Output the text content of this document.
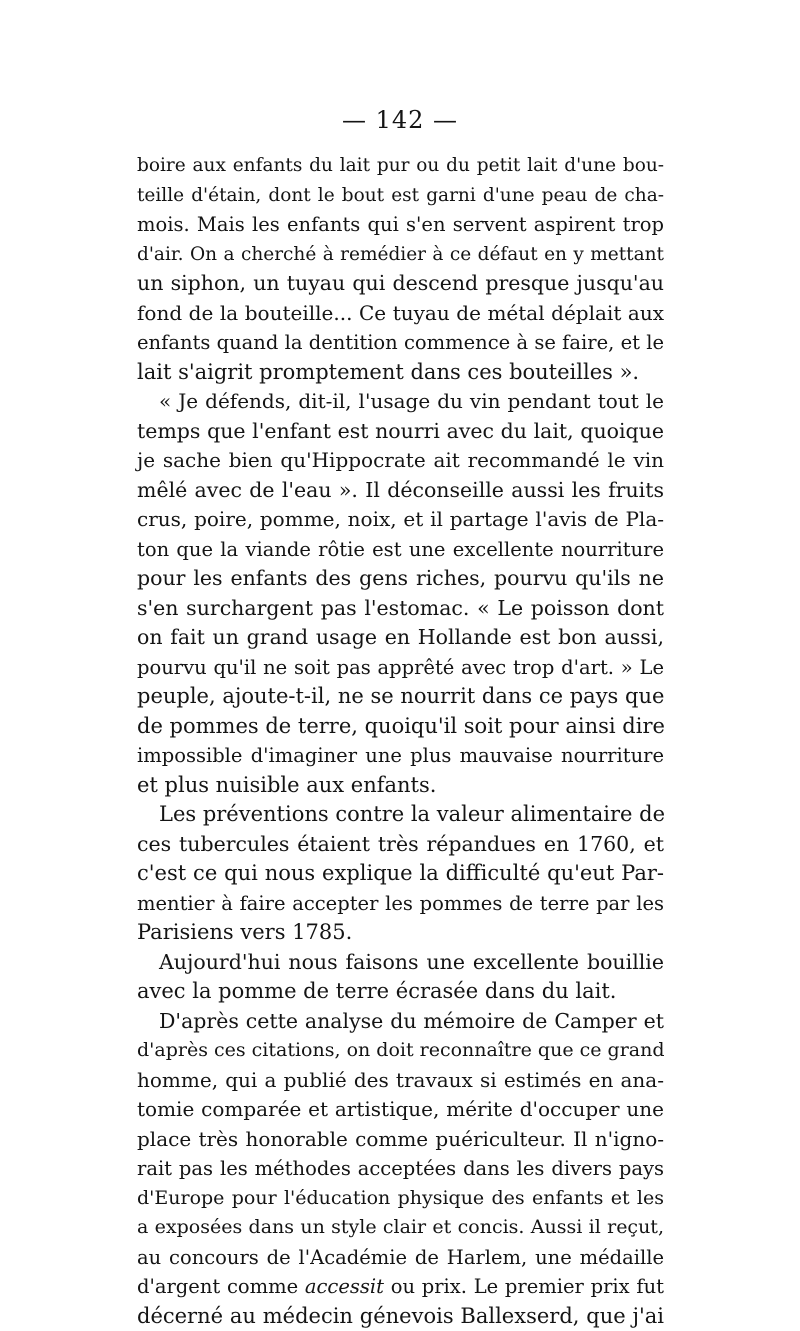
— 142 —
boire aux enfants du lait pur ou du petit lait d'une bou-
teille d'étain, dont le bout est garni d'une peau de cha-
mois. Mais les enfants qui s'en servent aspirent trop
d'air. On a cherché à remédier à ce défaut en y mettant
un siphon, un tuyau qui descend presque jusqu'au
fond de la bouteille... Ce tuyau de métal déplait aux
enfants quand la dentition commence à se faire, et le
lait s'aigrit promptement dans ces bouteilles ».
« Je défends, dit-il, l'usage du vin pendant tout le
temps que l'enfant est nourri avec du lait, quoique
je sache bien qu'Hippocrate ait recommandé le vin
mêlé avec de l'eau ». Il déconseille aussi les fruits
crus, poire, pomme, noix, et il partage l'avis de Pla-
ton que la viande rôtie est une excellente nourriture
pour les enfants des gens riches, pourvu qu'ils ne
s'en surchargent pas l'estomac. « Le poisson dont
on fait un grand usage en Hollande est bon aussi,
pourvu qu'il ne soit pas apprêté avec trop d'art. » Le
peuple, ajoute-t-il, ne se nourrit dans ce pays que
de pommes de terre, quoiqu'il soit pour ainsi dire
impossible d'imaginer une plus mauvaise nourriture
et plus nuisible aux enfants.
Les préventions contre la valeur alimentaire de
ces tubercules étaient très répandues en 1760, et
c'est ce qui nous explique la difficulté qu'eut Par-
mentier à faire accepter les pommes de terre par les
Parisiens vers 1785.
Aujourd'hui nous faisons une excellente bouillie
avec la pomme de terre écrasée dans du lait.
D'après cette analyse du mémoire de Camper et
d'après ces citations, on doit reconnaître que ce grand
homme, qui a publié des travaux si estimés en ana-
tomie comparée et artistique, mérite d'occuper une
place très honorable comme puériculteur. Il n'igno-
rait pas les méthodes acceptées dans les divers pays
d'Europe pour l'éducation physique des enfants et les
a exposées dans un style clair et concis. Aussi il reçut,
au concours de l'Académie de Harlem, une médaille
d'argent comme accessit ou prix. Le premier prix fut
décerné au médecin génevois Ballexserd, que j'ai
